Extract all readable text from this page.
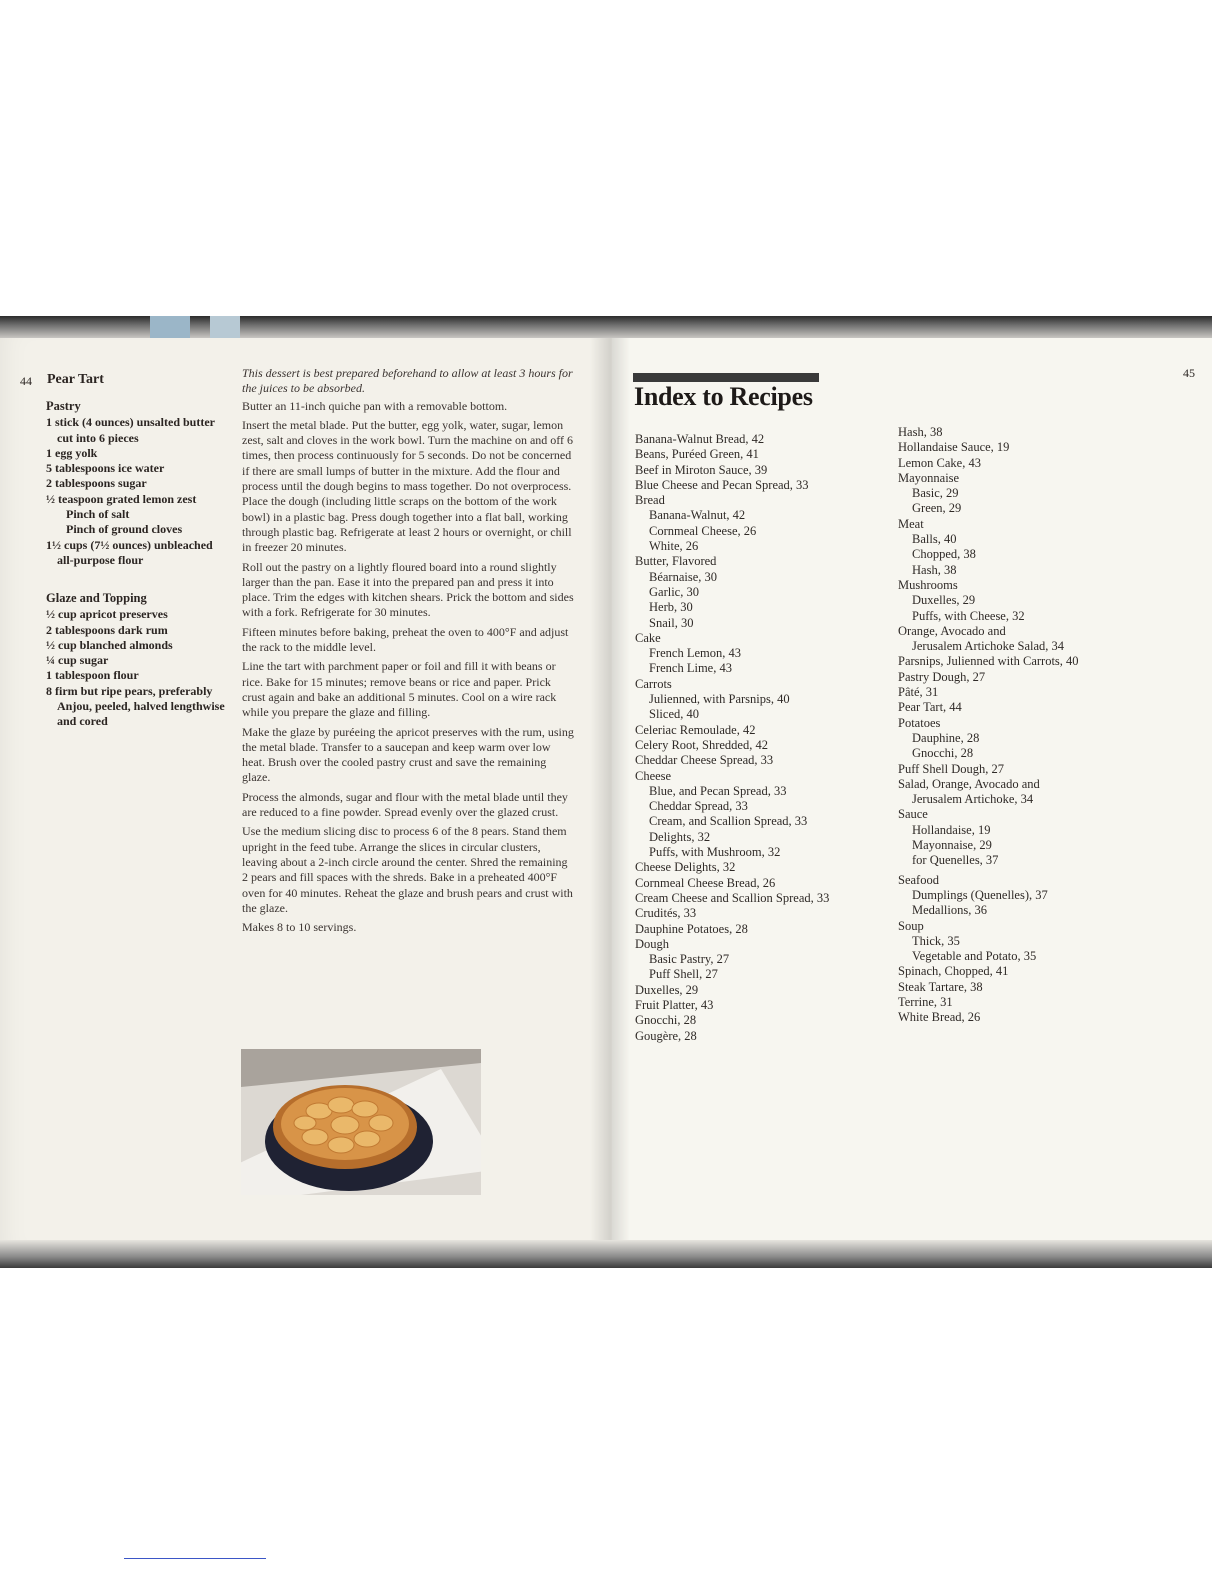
44 Pear Tart
Pastry
1 stick (4 ounces) unsalted butter cut into 6 pieces
1 egg yolk
5 tablespoons ice water
2 tablespoons sugar
½ teaspoon grated lemon zest
Pinch of salt
Pinch of ground cloves
1½ cups (7½ ounces) unbleached all-purpose flour
Glaze and Topping
½ cup apricot preserves
2 tablespoons dark rum
½ cup blanched almonds
¼ cup sugar
1 tablespoon flour
8 firm but ripe pears, preferably Anjou, peeled, halved lengthwise and cored

This dessert is best prepared beforehand to allow at least 3 hours for the juices to be absorbed.

Butter an 11-inch quiche pan with a removable bottom.

Insert the metal blade. Put the butter, egg yolk, water, sugar, lemon zest, salt and cloves in the work bowl. Turn the machine on and off 6 times, then process continuously for 5 seconds. Do not be concerned if there are small lumps of butter in the mixture. Add the flour and process until the dough begins to mass together. Do not overprocess. Place the dough (including little scraps on the bottom of the work bowl) in a plastic bag. Press dough together into a flat ball, working through plastic bag. Refrigerate at least 2 hours or overnight, or chill in freezer 20 minutes.

Roll out the pastry on a lightly floured board into a round slightly larger than the pan. Ease it into the prepared pan and press it into place. Trim the edges with kitchen shears. Prick the bottom and sides with a fork. Refrigerate for 30 minutes.

Fifteen minutes before baking, preheat the oven to 400°F and adjust the rack to the middle level.

Line the tart with parchment paper or foil and fill it with beans or rice. Bake for 15 minutes; remove beans or rice and paper. Prick crust again and bake an additional 5 minutes. Cool on a wire rack while you prepare the glaze and filling.

Make the glaze by puréeing the apricot preserves with the rum, using the metal blade. Transfer to a saucepan and keep warm over low heat. Brush over the cooled pastry crust and save the remaining glaze.

Process the almonds, sugar and flour with the metal blade until they are reduced to a fine powder. Spread evenly over the glazed crust.

Use the medium slicing disc to process 6 of the 8 pears. Stand them upright in the feed tube. Arrange the slices in circular clusters, leaving about a 2-inch circle around the center. Shred the remaining 2 pears and fill spaces with the shreds. Bake in a preheated 400°F oven for 40 minutes. Reheat the glaze and brush pears and crust with the glaze.

Makes 8 to 10 servings.

45
Index to Recipes
Banana-Walnut Bread, 42
Beans, Puréed Green, 41
Beef in Miroton Sauce, 39
Blue Cheese and Pecan Spread, 33
Bread
Banana-Walnut, 42
Cornmeal Cheese, 26
White, 26
Butter, Flavored
Béarnaise, 30
Garlic, 30
Herb, 30
Snail, 30
Cake
French Lemon, 43
French Lime, 43
Carrots
Julienned, with Parsnips, 40
Sliced, 40
Celeriac Remoulade, 42
Celery Root, Shredded, 42
Cheddar Cheese Spread, 33
Cheese
Blue, and Pecan Spread, 33
Cheddar Spread, 33
Cream, and Scallion Spread, 33
Delights, 32
Puffs, with Mushroom, 32
Cheese Delights, 32
Cornmeal Cheese Bread, 26
Cream Cheese and Scallion Spread, 33
Crudités, 33
Dauphine Potatoes, 28
Dough
Basic Pastry, 27
Puff Shell, 27
Duxelles, 29
Fruit Platter, 43
Gnocchi, 28
Gougère, 28
Hash, 38
Hollandaise Sauce, 19
Lemon Cake, 43
Mayonnaise
Basic, 29
Green, 29
Meat
Balls, 40
Chopped, 38
Hash, 38
Mushrooms
Duxelles, 29
Puffs, with Cheese, 32
Orange, Avocado and
Jerusalem Artichoke Salad, 34
Parsnips, Julienned with Carrots, 40
Pastry Dough, 27
Pâté, 31
Pear Tart, 44
Potatoes
Dauphine, 28
Gnocchi, 28
Puff Shell Dough, 27
Salad, Orange, Avocado and
Jerusalem Artichoke, 34
Sauce
Hollandaise, 19
Mayonnaise, 29
for Quenelles, 37
Seafood
Dumplings (Quenelles), 37
Medallions, 36
Soup
Thick, 35
Vegetable and Potato, 35
Spinach, Chopped, 41
Steak Tartare, 38
Terrine, 31
White Bread, 26
